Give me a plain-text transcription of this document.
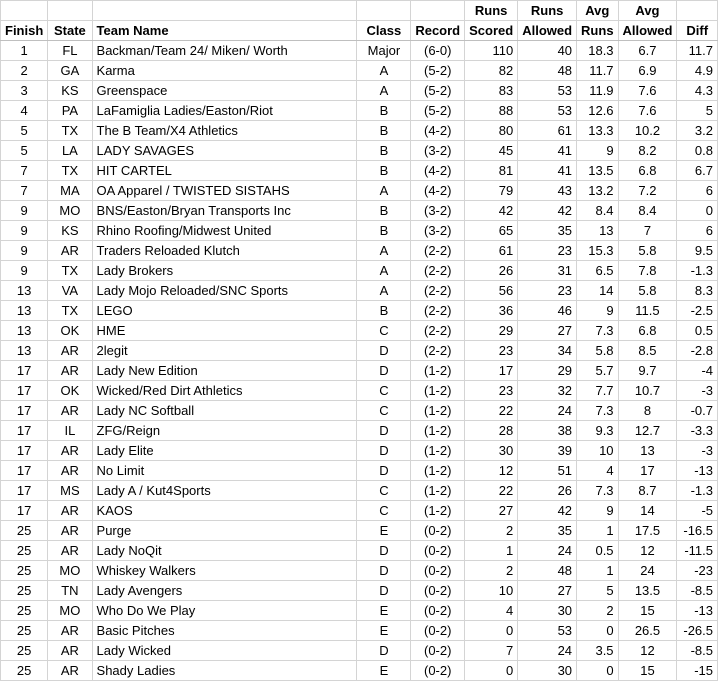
					Runs	Runs	Avg	Avg	
Finish	State	Team Name	Class	Record	Scored	Allowed	Runs	Allowed	Diff
1	FL	Backman/Team 24/ Miken/ Worth	Major	(6-0)	110	40	18.3	6.7	11.7
2	GA	Karma	A	(5-2)	82	48	11.7	6.9	4.9
3	KS	Greenspace	A	(5-2)	83	53	11.9	7.6	4.3
4	PA	LaFamiglia Ladies/Easton/Riot	B	(5-2)	88	53	12.6	7.6	5
5	TX	The B Team/X4 Athletics	B	(4-2)	80	61	13.3	10.2	3.2
5	LA	LADY SAVAGES	B	(3-2)	45	41	9	8.2	0.8
7	TX	HIT CARTEL	B	(4-2)	81	41	13.5	6.8	6.7
7	MA	OA Apparel / TWISTED SISTAHS	A	(4-2)	79	43	13.2	7.2	6
9	MO	BNS/Easton/Bryan Transports Inc	B	(3-2)	42	42	8.4	8.4	0
9	KS	Rhino Roofing/Midwest United	B	(3-2)	65	35	13	7	6
9	AR	Traders Reloaded Klutch	A	(2-2)	61	23	15.3	5.8	9.5
9	TX	Lady Brokers	A	(2-2)	26	31	6.5	7.8	-1.3
13	VA	Lady Mojo Reloaded/SNC Sports	A	(2-2)	56	23	14	5.8	8.3
13	TX	LEGO	B	(2-2)	36	46	9	11.5	-2.5
13	OK	HME	C	(2-2)	29	27	7.3	6.8	0.5
13	AR	2legit	D	(2-2)	23	34	5.8	8.5	-2.8
17	AR	Lady New Edition	D	(1-2)	17	29	5.7	9.7	-4
17	OK	Wicked/Red Dirt Athletics	C	(1-2)	23	32	7.7	10.7	-3
17	AR	Lady NC Softball	C	(1-2)	22	24	7.3	8	-0.7
17	IL	ZFG/Reign	D	(1-2)	28	38	9.3	12.7	-3.3
17	AR	Lady Elite	D	(1-2)	30	39	10	13	-3
17	AR	No Limit	D	(1-2)	12	51	4	17	-13
17	MS	Lady A / Kut4Sports	C	(1-2)	22	26	7.3	8.7	-1.3
17	AR	KAOS	C	(1-2)	27	42	9	14	-5
25	AR	Purge	E	(0-2)	2	35	1	17.5	-16.5
25	AR	Lady NoQit	D	(0-2)	1	24	0.5	12	-11.5
25	MO	Whiskey Walkers	D	(0-2)	2	48	1	24	-23
25	TN	Lady Avengers	D	(0-2)	10	27	5	13.5	-8.5
25	MO	Who Do We Play	E	(0-2)	4	30	2	15	-13
25	AR	Basic Pitches	E	(0-2)	0	53	0	26.5	-26.5
25	AR	Lady Wicked	D	(0-2)	7	24	3.5	12	-8.5
25	AR	Shady Ladies	E	(0-2)	0	30	0	15	-15
